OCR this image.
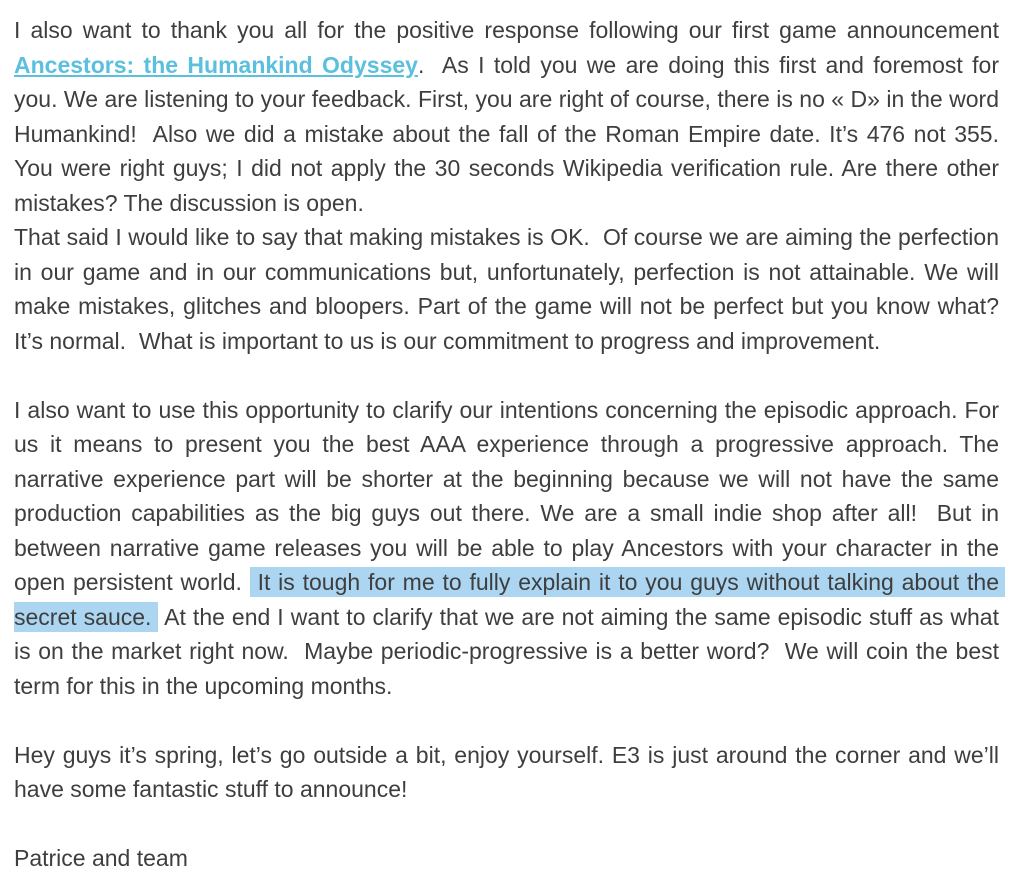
I also want to thank you all for the positive response following our first game announcement Ancestors: the Humankind Odyssey.  As I told you we are doing this first and foremost for you. We are listening to your feedback. First, you are right of course, there is no « D» in the word Humankind!  Also we did a mistake about the fall of the Roman Empire date. It’s 476 not 355. You were right guys; I did not apply the 30 seconds Wikipedia verification rule. Are there other mistakes? The discussion is open.

That said I would like to say that making mistakes is OK.  Of course we are aiming the perfection in our game and in our communications but, unfortunately, perfection is not attainable. We will make mistakes, glitches and bloopers. Part of the game will not be perfect but you know what? It’s normal.  What is important to us is our commitment to progress and improvement.

I also want to use this opportunity to clarify our intentions concerning the episodic approach. For us it means to present you the best AAA experience through a progressive approach. The narrative experience part will be shorter at the beginning because we will not have the same production capabilities as the big guys out there. We are a small indie shop after all!  But in between narrative game releases you will be able to play Ancestors with your character in the open persistent world.  It is tough for me to fully explain it to you guys without talking about the secret sauce.  At the end I want to clarify that we are not aiming the same episodic stuff as what is on the market right now.  Maybe periodic-progressive is a better word?  We will coin the best term for this in the upcoming months.

Hey guys it’s spring, let’s go outside a bit, enjoy yourself. E3 is just around the corner and we’ll have some fantastic stuff to announce!

Patrice and team
